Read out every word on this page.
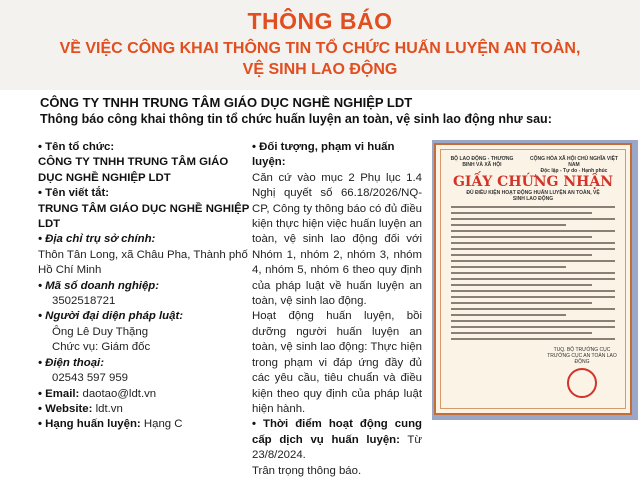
THÔNG BÁO
VỀ VIỆC CÔNG KHAI THÔNG TIN TỔ CHỨC HUẤN LUYỆN AN TOÀN,
VỆ SINH LAO ĐỘNG
CÔNG TY TNHH TRUNG TÂM GIÁO DỤC NGHỀ NGHIỆP LDT
Thông báo công khai thông tin tổ chức huấn luyện an toàn, vệ sinh lao động như sau:
• Tên tổ chức:
CÔNG TY TNHH TRUNG TÂM GIÁO DỤC NGHỀ NGHIỆP LDT
• Tên viết tắt:
TRUNG TÂM GIÁO DỤC NGHỀ NGHIỆP LDT
• Địa chỉ trụ sở chính:
Thôn Tân Long, xã Châu Pha, Thành phố Hồ Chí Minh
• Mã số doanh nghiệp:
3502518721
• Người đại diện pháp luật:
Ông Lê Duy Thặng
Chức vụ: Giám đốc
• Điện thoại:
02543 597 959
• Email: daotao@ldt.vn
• Website: ldt.vn
• Hạng huấn luyện: Hạng C
• Đối tượng, phạm vi huấn luyện:
Căn cứ vào mục 2 Phụ lục 1.4 Nghị quyết số 66.18/2026/NQ-CP, Công ty thông báo có đủ điều kiện thực hiện việc huấn luyện an toàn, vệ sinh lao động đối với Nhóm 1, nhóm 2, nhóm 3, nhóm 4, nhóm 5, nhóm 6 theo quy định của pháp luật về huấn luyện an toàn, vệ sinh lao động.
Hoạt động huấn luyện, bồi dưỡng người huấn luyện an toàn, vệ sinh lao động: Thực hiện trong phạm vi đáp ứng đầy đủ các yêu cầu, tiêu chuẩn và điều kiện theo quy định của pháp luật hiện hành.
• Thời điểm hoạt động cung cấp dịch vụ huấn luyện: Từ 23/8/2024.
Trân trọng thông báo.
BỘ LAO ĐỘNG - THƯƠNG BINH VÀ XÃ HỘI
CỘNG HÒA XÃ HỘI CHỦ NGHĨA VIỆT NAM
Độc lập - Tự do - Hạnh phúc
GIẤY CHỨNG NHẬN
ĐỦ ĐIỀU KIỆN HOẠT ĐỘNG HUẤN LUYỆN AN TOÀN, VỆ SINH LAO ĐỘNG
TUQ. BỘ TRƯỞNG CỤC TRƯỞNG CỤC AN TOÀN LAO ĐỘNG
